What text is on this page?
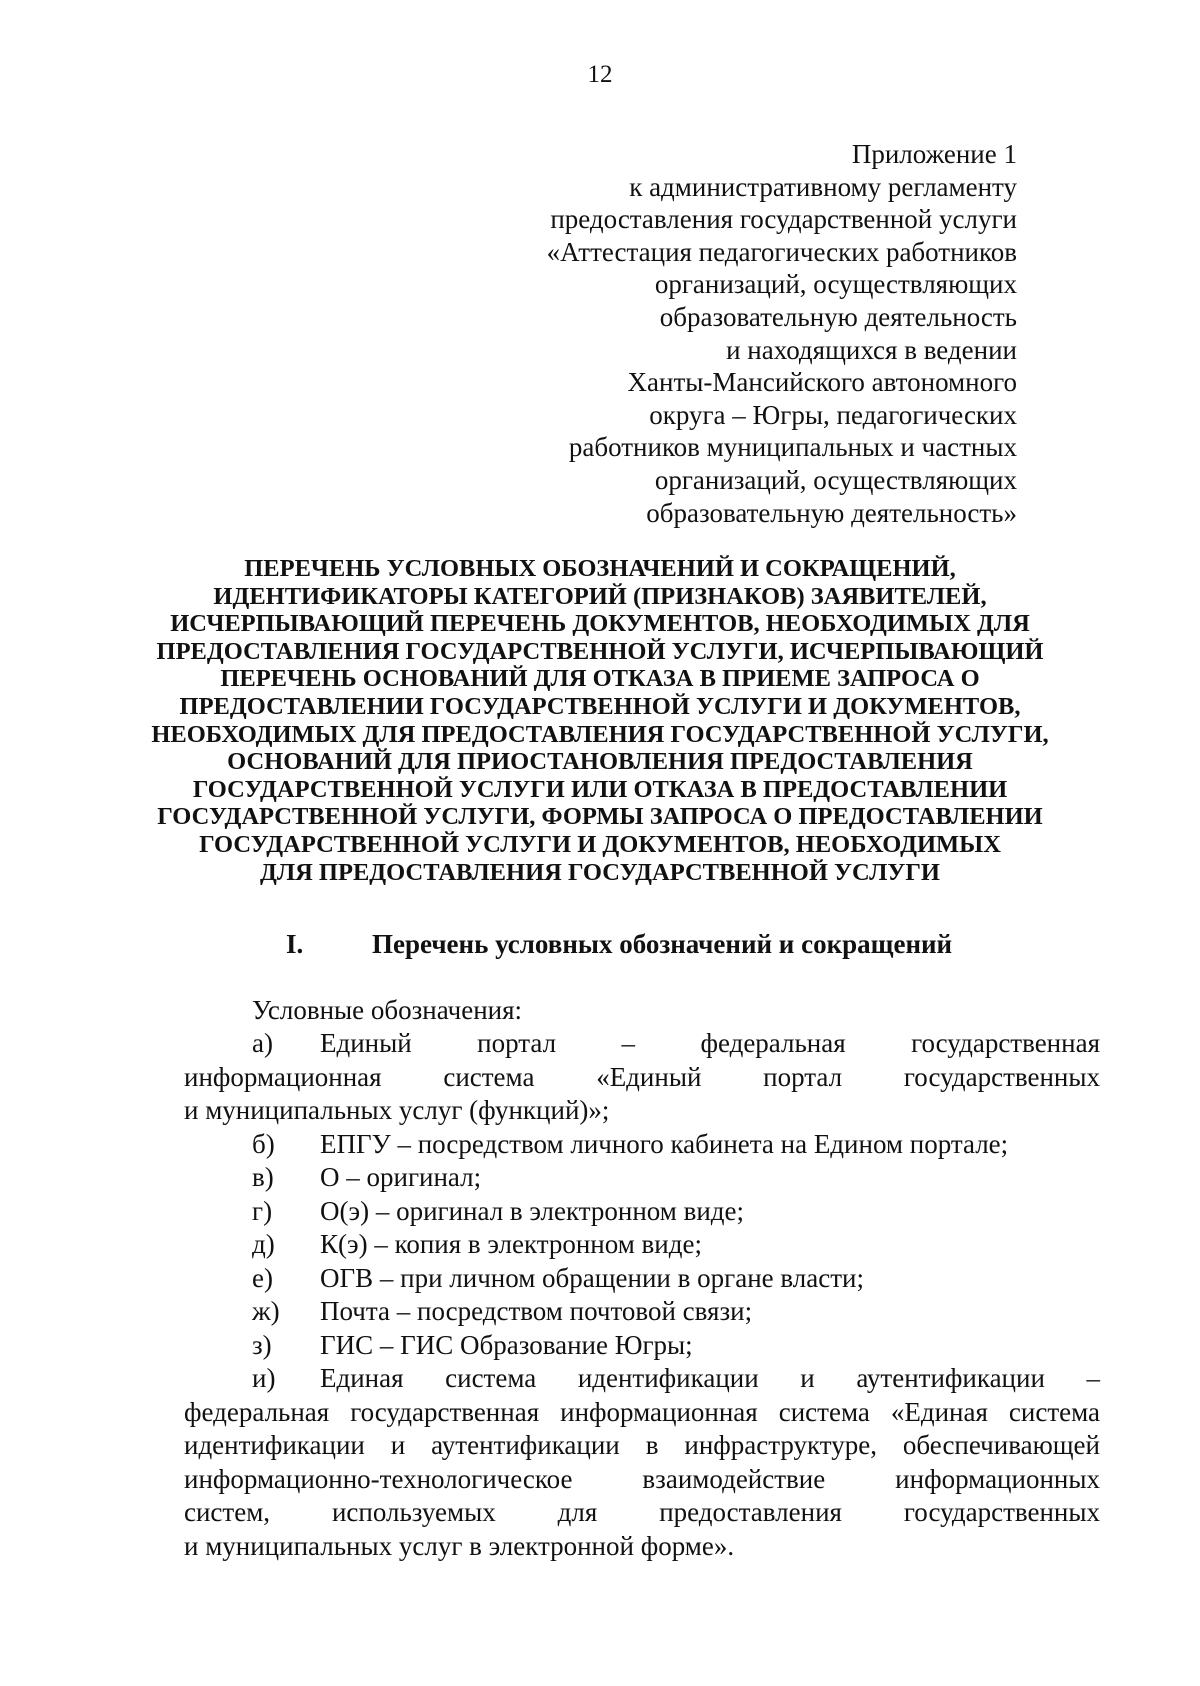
12
Приложение 1
к административному регламенту
предоставления государственной услуги
«Аттестация педагогических работников
организаций, осуществляющих
образовательную деятельность
и находящихся в ведении
Ханты-Мансийского автономного
округа – Югры, педагогических
работников муниципальных и частных
организаций, осуществляющих
образовательную деятельность»
ПЕРЕЧЕНЬ УСЛОВНЫХ ОБОЗНАЧЕНИЙ И СОКРАЩЕНИЙ,
ИДЕНТИФИКАТОРЫ КАТЕГОРИЙ (ПРИЗНАКОВ) ЗАЯВИТЕЛЕЙ,
ИСЧЕРПЫВАЮЩИЙ ПЕРЕЧЕНЬ ДОКУМЕНТОВ, НЕОБХОДИМЫХ ДЛЯ
ПРЕДОСТАВЛЕНИЯ ГОСУДАРСТВЕННОЙ УСЛУГИ, ИСЧЕРПЫВАЮЩИЙ
ПЕРЕЧЕНЬ ОСНОВАНИЙ ДЛЯ ОТКАЗА В ПРИЕМЕ ЗАПРОСА О
ПРЕДОСТАВЛЕНИИ ГОСУДАРСТВЕННОЙ УСЛУГИ И ДОКУМЕНТОВ,
НЕОБХОДИМЫХ ДЛЯ ПРЕДОСТАВЛЕНИЯ ГОСУДАРСТВЕННОЙ УСЛУГИ,
ОСНОВАНИЙ ДЛЯ ПРИОСТАНОВЛЕНИЯ ПРЕДОСТАВЛЕНИЯ
ГОСУДАРСТВЕННОЙ УСЛУГИ ИЛИ ОТКАЗА В ПРЕДОСТАВЛЕНИИ
ГОСУДАРСТВЕННОЙ УСЛУГИ, ФОРМЫ ЗАПРОСА О ПРЕДОСТАВЛЕНИИ
ГОСУДАРСТВЕННОЙ УСЛУГИ И ДОКУМЕНТОВ, НЕОБХОДИМЫХ
ДЛЯ ПРЕДОСТАВЛЕНИЯ ГОСУДАРСТВЕННОЙ УСЛУГИ
I.	Перечень условных обозначений и сокращений
Условные обозначения:
а)	Единый портал – федеральная государственная
информационная система «Единый портал государственных
и муниципальных услуг (функций)»;
б)	ЕПГУ – посредством личного кабинета на Едином портале;
в)	О – оригинал;
г)	О(э) – оригинал в электронном виде;
д)	К(э) – копия в электронном виде;
е)	ОГВ – при личном обращении в органе власти;
ж)	Почта – посредством почтовой связи;
з)	ГИС – ГИС Образование Югры;
и)	Единая система идентификации и аутентификации –
федеральная государственная информационная система «Единая система
идентификации и аутентификации в инфраструктуре, обеспечивающей
информационно-технологическое взаимодействие информационных
систем, используемых для предоставления государственных
и муниципальных услуг в электронной форме».
